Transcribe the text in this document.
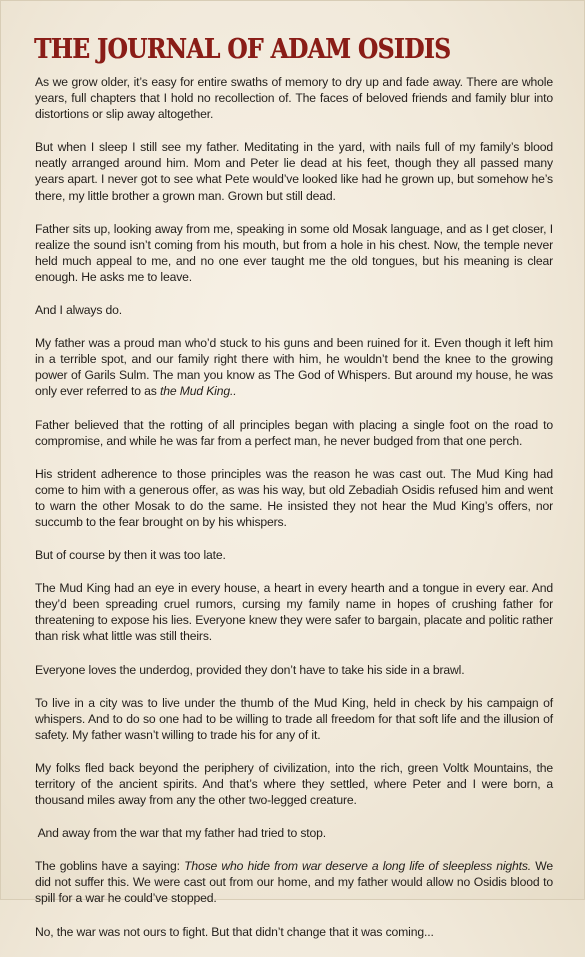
THE JOURNAL OF ADAM OSIDIS

As we grow older, it’s easy for entire swaths of memory to dry up and fade away. There are whole years, full chapters that I hold no recollection of. The faces of beloved friends and family blur into distortions or slip away altogether.

But when I sleep I still see my father. Meditating in the yard, with nails full of my family’s blood neatly arranged around him. Mom and Peter lie dead at his feet, though they all passed many years apart. I never got to see what Pete would’ve looked like had he grown up, but somehow he’s there, my little brother a grown man. Grown but still dead.

Father sits up, looking away from me, speaking in some old Mosak language, and as I get closer, I realize the sound isn’t coming from his mouth, but from a hole in his chest. Now, the temple never held much appeal to me, and no one ever taught me the old tongues, but his meaning is clear enough. He asks me to leave.

And I always do.

My father was a proud man who’d stuck to his guns and been ruined for it. Even though it left him in a terrible spot, and our family right there with him, he wouldn’t bend the knee to the growing power of Garils Sulm. The man you know as The God of Whispers. But around my house, he was only ever referred to as the Mud King..

Father believed that the rotting of all principles began with placing a single foot on the road to compromise, and while he was far from a perfect man, he never budged from that one perch.

His strident adherence to those principles was the reason he was cast out. The Mud King had come to him with a generous offer, as was his way, but old Zebadiah Osidis refused him and went to warn the other Mosak to do the same. He insisted they not hear the Mud King’s offers, nor succumb to the fear brought on by his whispers.

But of course by then it was too late.

The Mud King had an eye in every house, a heart in every hearth and a tongue in every ear. And they’d been spreading cruel rumors, cursing my family name in hopes of crushing father for threatening to expose his lies. Everyone knew they were safer to bargain, placate and politic rather than risk what little was still theirs.

Everyone loves the underdog, provided they don’t have to take his side in a brawl.

To live in a city was to live under the thumb of the Mud King, held in check by his campaign of whispers. And to do so one had to be willing to trade all freedom for that soft life and the illusion of safety. My father wasn’t willing to trade his for any of it.

My folks fled back beyond the periphery of civilization, into the rich, green Voltk Mountains, the territory of the ancient spirits. And that’s where they settled, where Peter and I were born, a thousand miles away from any the other two-legged creature.

And away from the war that my father had tried to stop.

The goblins have a saying: Those who hide from war deserve a long life of sleepless nights. We did not suffer this. We were cast out from our home, and my father would allow no Osidis blood to spill for a war he could’ve stopped.

No, the war was not ours to fight. But that didn’t change that it was coming...
